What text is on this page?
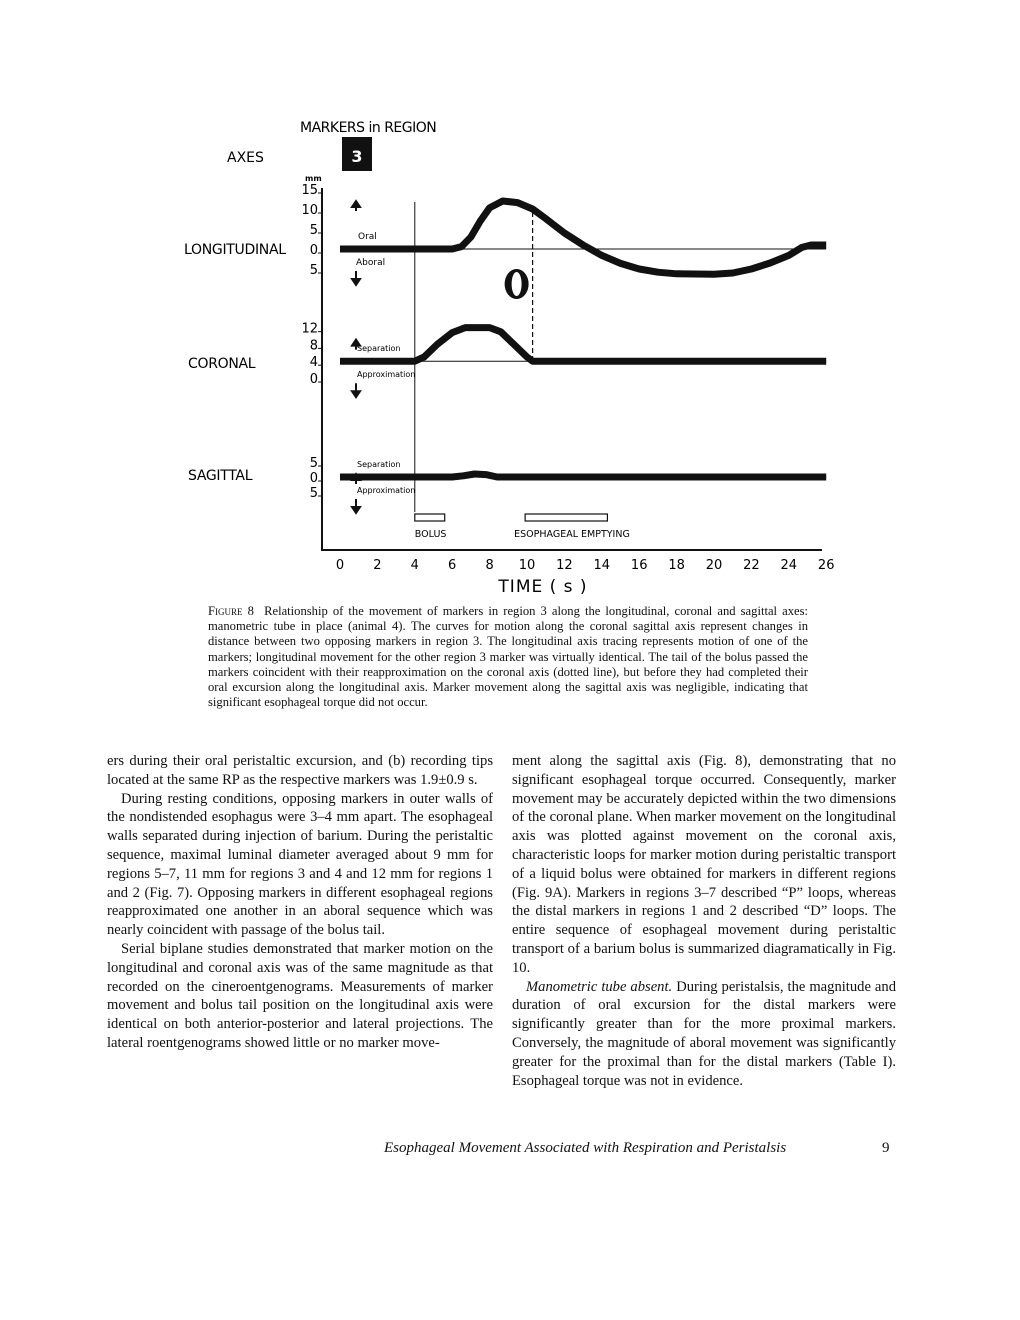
MARKERS in REGION
3
AXES
mm
LONGITUDINAL
15
10
5
0
5
Oral
Aboral
CORONAL
12
8
4
0
Separation
Approximation
SAGITTAL
5
0
5
Separation
Approximation
BOLUS	ESOPHAGEAL EMPTYING
0 2 4 6 8 10 12 14 16 18 20 22 24 26
TIME ( s )
Figure 8 Relationship of the movement of markers in region 3 along the longitudinal, coronal and sagittal axes: manometric tube in place (animal 4). The curves for motion along the coronal sagittal axis represent changes in distance between two opposing markers in region 3. The longitudinal axis tracing represents motion of one of the markers; longitudinal movement for the other region 3 marker was virtually identical. The tail of the bolus passed the markers coincident with their reapproximation on the coronal axis (dotted line), but before they had completed their oral excursion along the longitudinal axis. Marker movement along the sagittal axis was negligible, indicating that significant esophageal torque did not occur.

ers during their oral peristaltic excursion, and (b) recording tips located at the same RP as the respective markers was 1.9±0.9 s.

During resting conditions, opposing markers in outer walls of the nondistended esophagus were 3–4 mm apart. The esophageal walls separated during injection of barium. During the peristaltic sequence, maximal luminal diameter averaged about 9 mm for regions 5–7, 11 mm for regions 3 and 4 and 12 mm for regions 1 and 2 (Fig. 7). Opposing markers in different esophageal regions reapproximated one another in an aboral sequence which was nearly coincident with passage of the bolus tail.

Serial biplane studies demonstrated that marker motion on the longitudinal and coronal axis was of the same magnitude as that recorded on the cineroentgenograms. Measurements of marker movement and bolus tail position on the longitudinal axis were identical on both anterior-posterior and lateral projections. The lateral roentgenograms showed little or no marker move-

ment along the sagittal axis (Fig. 8), demonstrating that no significant esophageal torque occurred. Consequently, marker movement may be accurately depicted within the two dimensions of the coronal plane. When marker movement on the longitudinal axis was plotted against movement on the coronal axis, characteristic loops for marker motion during peristaltic transport of a liquid bolus were obtained for markers in different regions (Fig. 9A). Markers in regions 3–7 described “P” loops, whereas the distal markers in regions 1 and 2 described “D” loops. The entire sequence of esophageal movement during peristaltic transport of a barium bolus is summarized diagramatically in Fig. 10.

Manometric tube absent. During peristalsis, the magnitude and duration of oral excursion for the distal markers were significantly greater than for the more proximal markers. Conversely, the magnitude of aboral movement was significantly greater for the proximal than for the distal markers (Table I). Esophageal torque was not in evidence.

Esophageal Movement Associated with Respiration and Peristalsis	9
